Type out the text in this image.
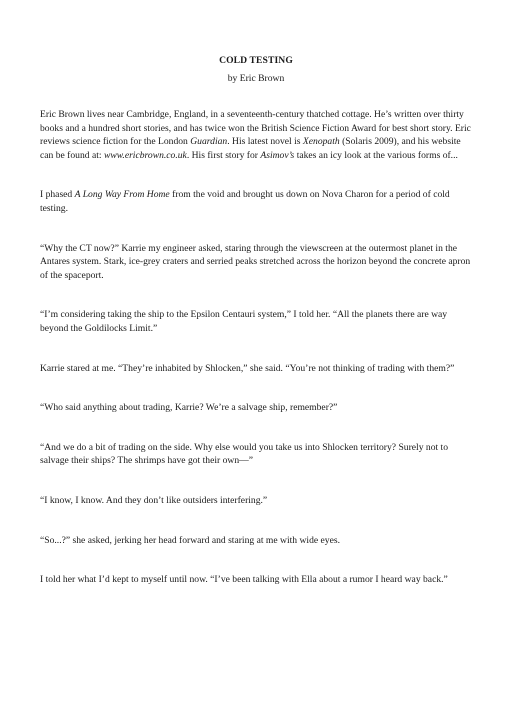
COLD TESTING

by Eric Brown

Eric Brown lives near Cambridge, England, in a seventeenth-century thatched cottage. He’s written over thirty books and a hundred short stories, and has twice won the British Science Fiction Award for best short story. Eric reviews science fiction for the London Guardian. His latest novel is Xenopath (Solaris 2009), and his website can be found at: www.ericbrown.co.uk. His first story for Asimov’s takes an icy look at the various forms of...

I phased A Long Way From Home from the void and brought us down on Nova Charon for a period of cold testing.

“Why the CT now?” Karrie my engineer asked, staring through the viewscreen at the outermost planet in the Antares system. Stark, ice-grey craters and serried peaks stretched across the horizon beyond the concrete apron of the spaceport.

“I’m considering taking the ship to the Epsilon Centauri system,” I told her. “All the planets there are way beyond the Goldilocks Limit.”

Karrie stared at me. “They’re inhabited by Shlocken,” she said. “You’re not thinking of trading with them?”

“Who said anything about trading, Karrie? We’re a salvage ship, remember?”

“And we do a bit of trading on the side. Why else would you take us into Shlocken territory? Surely not to salvage their ships? The shrimps have got their own—”

“I know, I know. And they don’t like outsiders interfering.”

“So...?” she asked, jerking her head forward and staring at me with wide eyes.

I told her what I’d kept to myself until now. “I’ve been talking with Ella about a rumor I heard way back.”
